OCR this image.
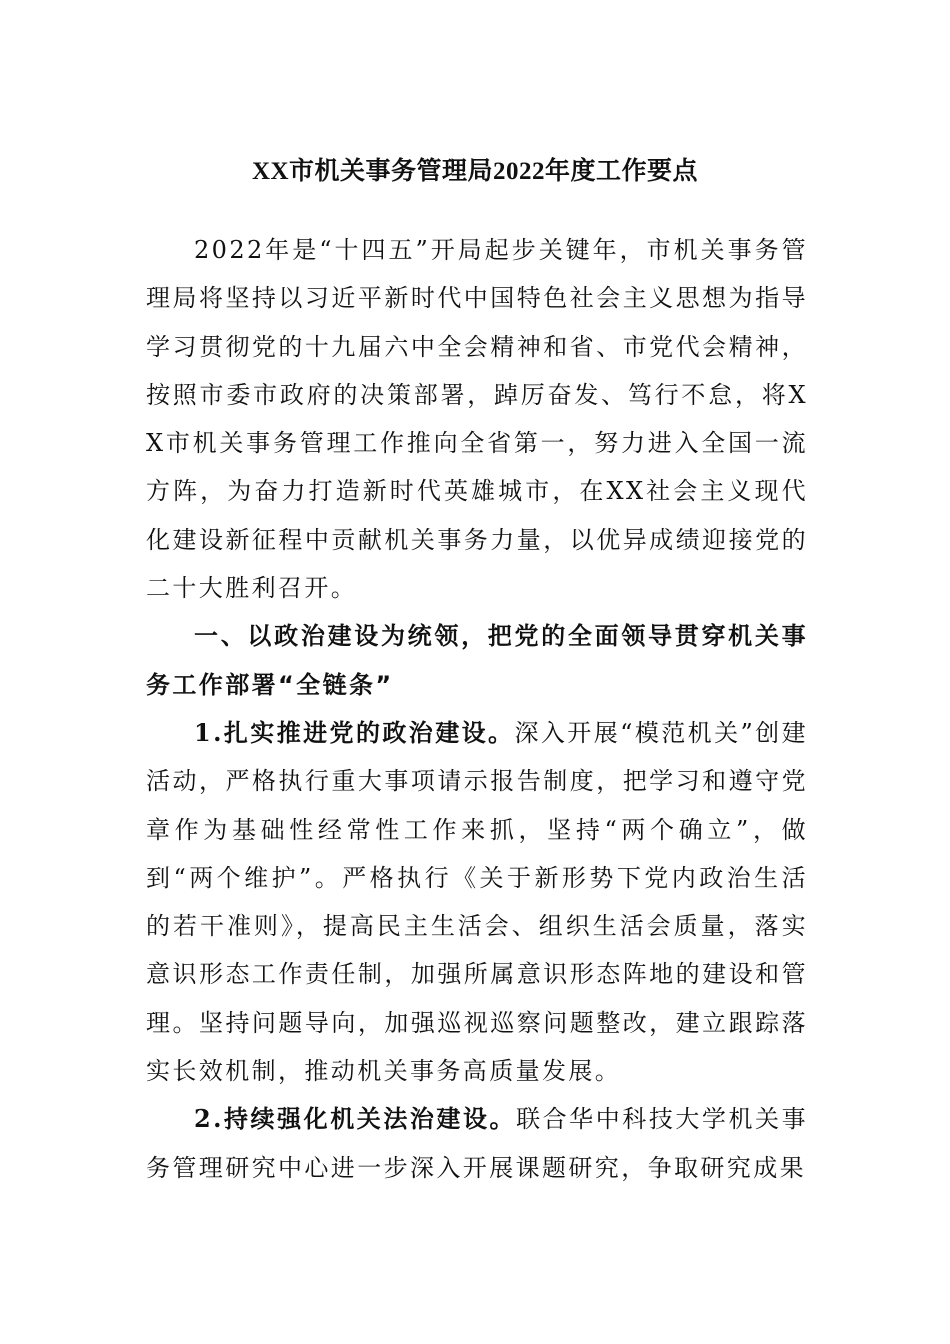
XX市机关事务管理局2022年度工作要点

2022年是“十四五”开局起步关键年，市机关事务管理局将坚持以习近平新时代中国特色社会主义思想为指导学习贯彻党的十九届六中全会精神和省、市党代会精神，按照市委市政府的决策部署，踔厉奋发、笃行不怠，将XX市机关事务管理工作推向全省第一，努力进入全国一流方阵，为奋力打造新时代英雄城市，在XX社会主义现代化建设新征程中贡献机关事务力量，以优异成绩迎接党的二十大胜利召开。

一、以政治建设为统领，把党的全面领导贯穿机关事务工作部署“全链条”

1.扎实推进党的政治建设。深入开展“模范机关”创建活动，严格执行重大事项请示报告制度，把学习和遵守党章作为基础性经常性工作来抓，坚持“两个确立”，做到“两个维护”。严格执行《关于新形势下党内政治生活的若干准则》，提高民主生活会、组织生活会质量，落实意识形态工作责任制，加强所属意识形态阵地的建设和管理。坚持问题导向，加强巡视巡察问题整改，建立跟踪落实长效机制，推动机关事务高质量发展。

2.持续强化机关法治建设。联合华中科技大学机关事务管理研究中心进一步深入开展课题研究，争取研究成果
